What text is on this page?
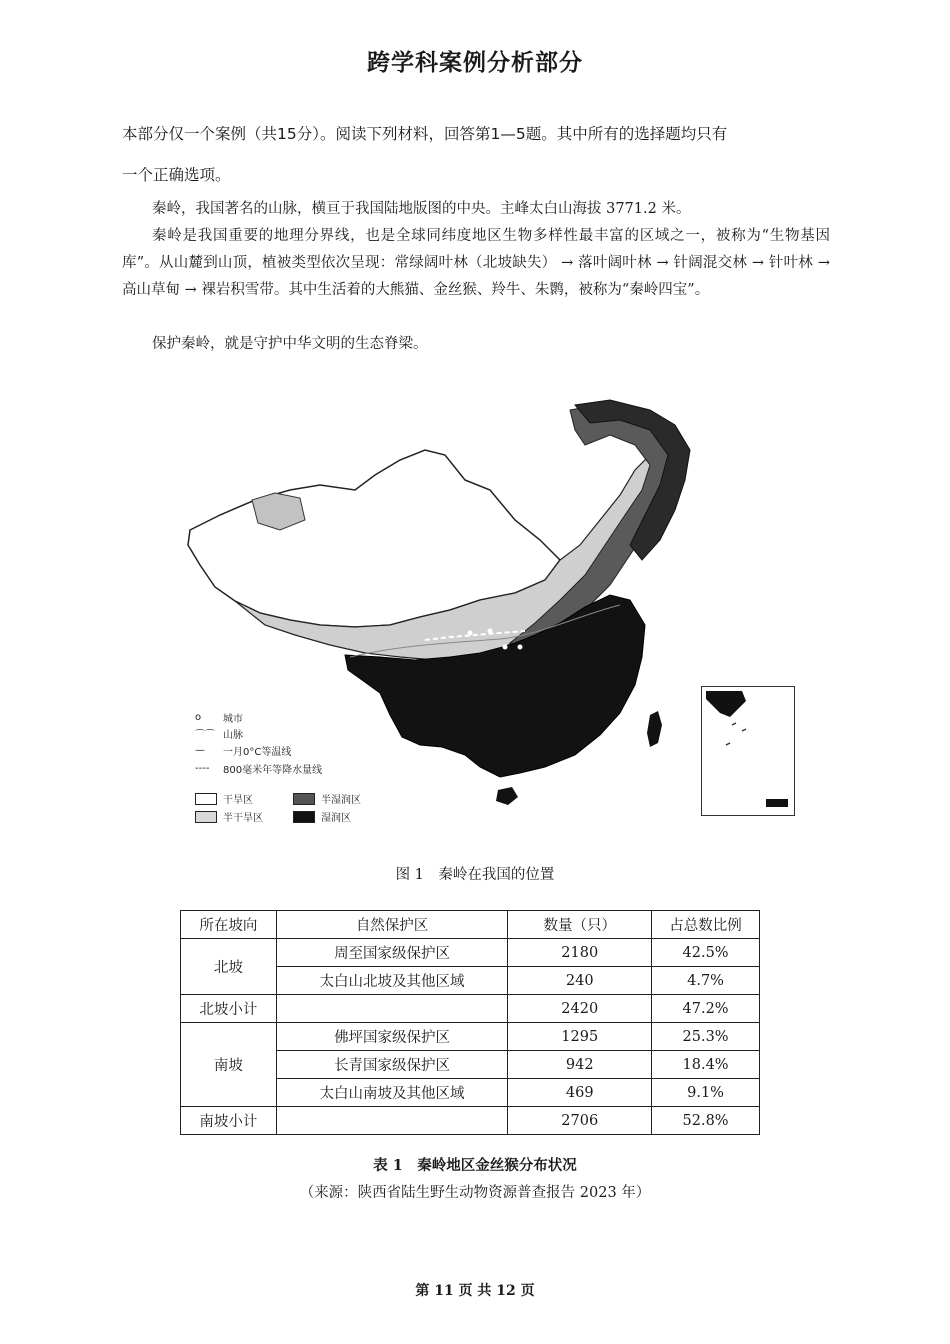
跨学科案例分析部分
本部分仅一个案例（共15分）。阅读下列材料，回答第1—5题。其中所有的选择题均只有
一个正确选项。
秦岭，我国著名的山脉，横亘于我国陆地版图的中央。主峰太白山海拔 3771.2 米。
秦岭是我国重要的地理分界线，也是全球同纬度地区生物多样性最丰富的区域之一，被称为“生物基因库”。从山麓到山顶，植被类型依次呈现：常绿阔叶林（北坡缺失） → 落叶阔叶林 → 针阔混交林 → 针叶林 → 高山草甸 → 裸岩积雪带。其中生活着的大熊猫、金丝猴、羚牛、朱鹮，被称为“秦岭四宝”。
保护秦岭，就是守护中华文明的生态脊梁。
o	城市
⌒⌒ 山脉
—	一月0°C等温线
----	800毫米年等降水量线
干旱区	半湿润区
半干旱区	湿润区
图 1　秦岭在我国的位置
所在坡向	自然保护区	数量（只）	占总数比例
北坡	周至国家级保护区	2180	42.5%
	太白山北坡及其他区域	240	4.7%
北坡小计		2420	47.2%
南坡	佛坪国家级保护区	1295	25.3%
	长青国家级保护区	942	18.4%
	太白山南坡及其他区域	469	9.1%
南坡小计		2706	52.8%
表 1　秦岭地区金丝猴分布状况
（来源：陕西省陆生野生动物资源普查报告 2023 年）
第 11 页 共 12 页
